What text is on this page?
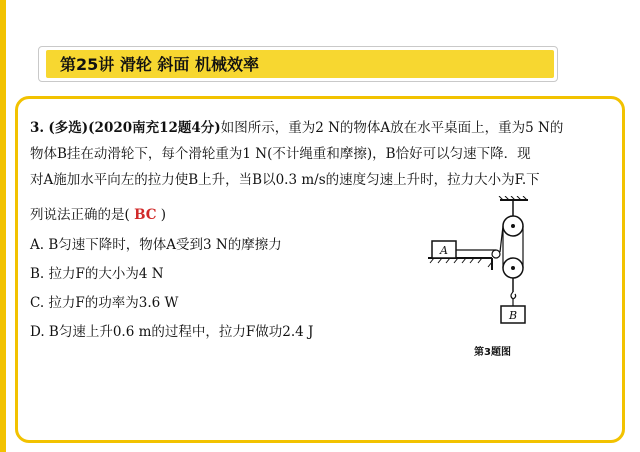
第25讲 滑轮 斜面 机械效率
3. (多选)(2020南充12题4分)如图所示，重为2 N的物体A放在水平桌面上，重为5 N的
物体B挂在动滑轮下，每个滑轮重为1 N(不计绳重和摩擦)，B恰好可以匀速下降．现
对A施加水平向左的拉力使B上升，当B以0.3 m/s的速度匀速上升时，拉力大小为F.下
列说法正确的是( BC )
A. B匀速下降时，物体A受到3 N的摩擦力
B. 拉力F的大小为4 N
C. 拉力F的功率为3.6 W
D. B匀速上升0.6 m的过程中，拉力F做功2.4 J
A
B
第3题图
